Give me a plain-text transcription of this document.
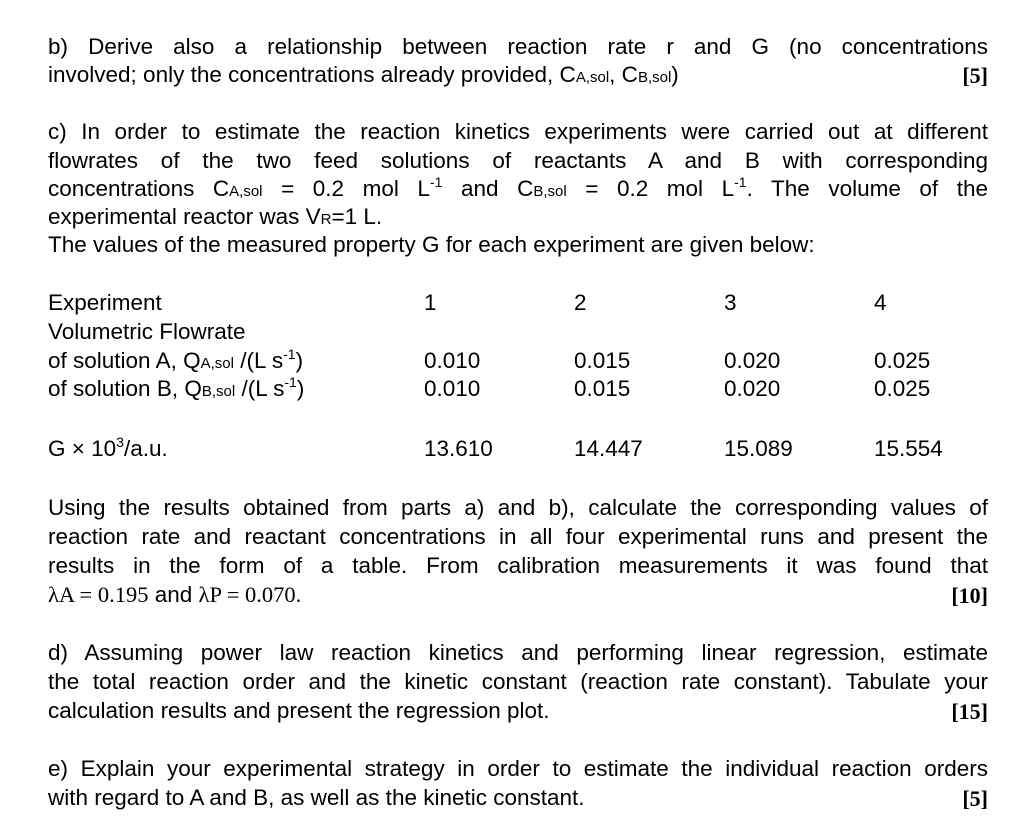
b) Derive also a relationship between reaction rate r and G (no concentrations
involved; only the concentrations already provided, CA,sol, CB,sol)	[5]
c) In order to estimate the reaction kinetics experiments were carried out at different
flowrates of the two feed solutions of reactants A and B with corresponding
concentrations CA,sol = 0.2 mol $L^{-1}$ and CB,sol = 0.2 mol $L^{-1}$. The volume of the
experimental reactor was VR=1 L.
The values of the measured property G for each experiment are given below:
Experiment	1	2	3	4
Volumetric Flowrate
of solution A, QA,sol /(L $s^{-1}$)	0.010	0.015	0.020	0.025
of solution B, QB,sol /(L $s^{-1}$)	0.010	0.015	0.020	0.025
$G \times 10^3/a.u$.	13.610	14.447	15.089	15.554
Using the results obtained from parts a) and b), calculate the corresponding values of
reaction rate and reactant concentrations in all four experimental runs and present the
results in the form of a table. From calibration measurements it was found that
λA = 0.195 and λP = 0.070.	[10]
d) Assuming power law reaction kinetics and performing linear regression, estimate
the total reaction order and the kinetic constant (reaction rate constant). Tabulate your
calculation results and present the regression plot.	[15]
e) Explain your experimental strategy in order to estimate the individual reaction orders
with regard to A and B, as well as the kinetic constant.	[5]
